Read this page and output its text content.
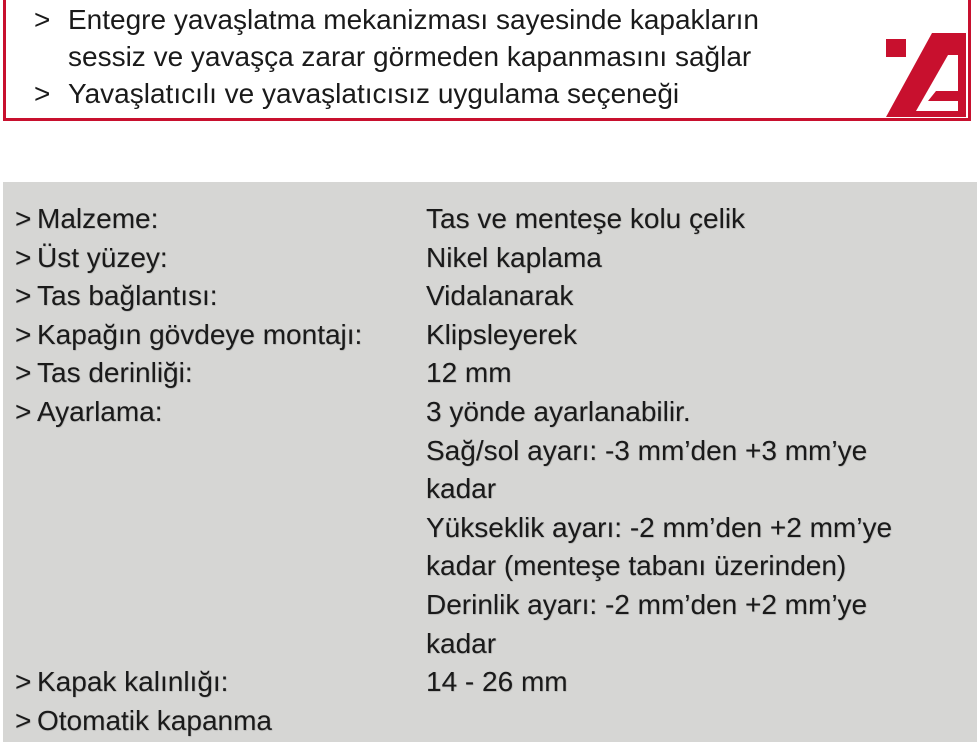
> Entegre yavaşlatma mekanizması sayesinde kapakların
sessiz ve yavaşça zarar görmeden kapanmasını sağlar
> Yavaşlatıcılı ve yavaşlatıcısız uygulama seçeneği
> Malzeme:	Tas ve menteşe kolu çelik
> Üst yüzey:	Nikel kaplama
> Tas bağlantısı:	Vidalanarak
> Kapağın gövdeye montajı: Klipsleyerek
> Tas derinliği:	12 mm
> Ayarlama:	3 yönde ayarlanabilir.
Sağ/sol ayarı: -3 mm’den +3 mm’ye
kadar
Yükseklik ayarı: -2 mm’den +2 mm’ye
kadar (menteşe tabanı üzerinden)
Derinlik ayarı: -2 mm’den +2 mm’ye
kadar
> Kapak kalınlığı:	14 - 26 mm
> Otomatik kapanma
